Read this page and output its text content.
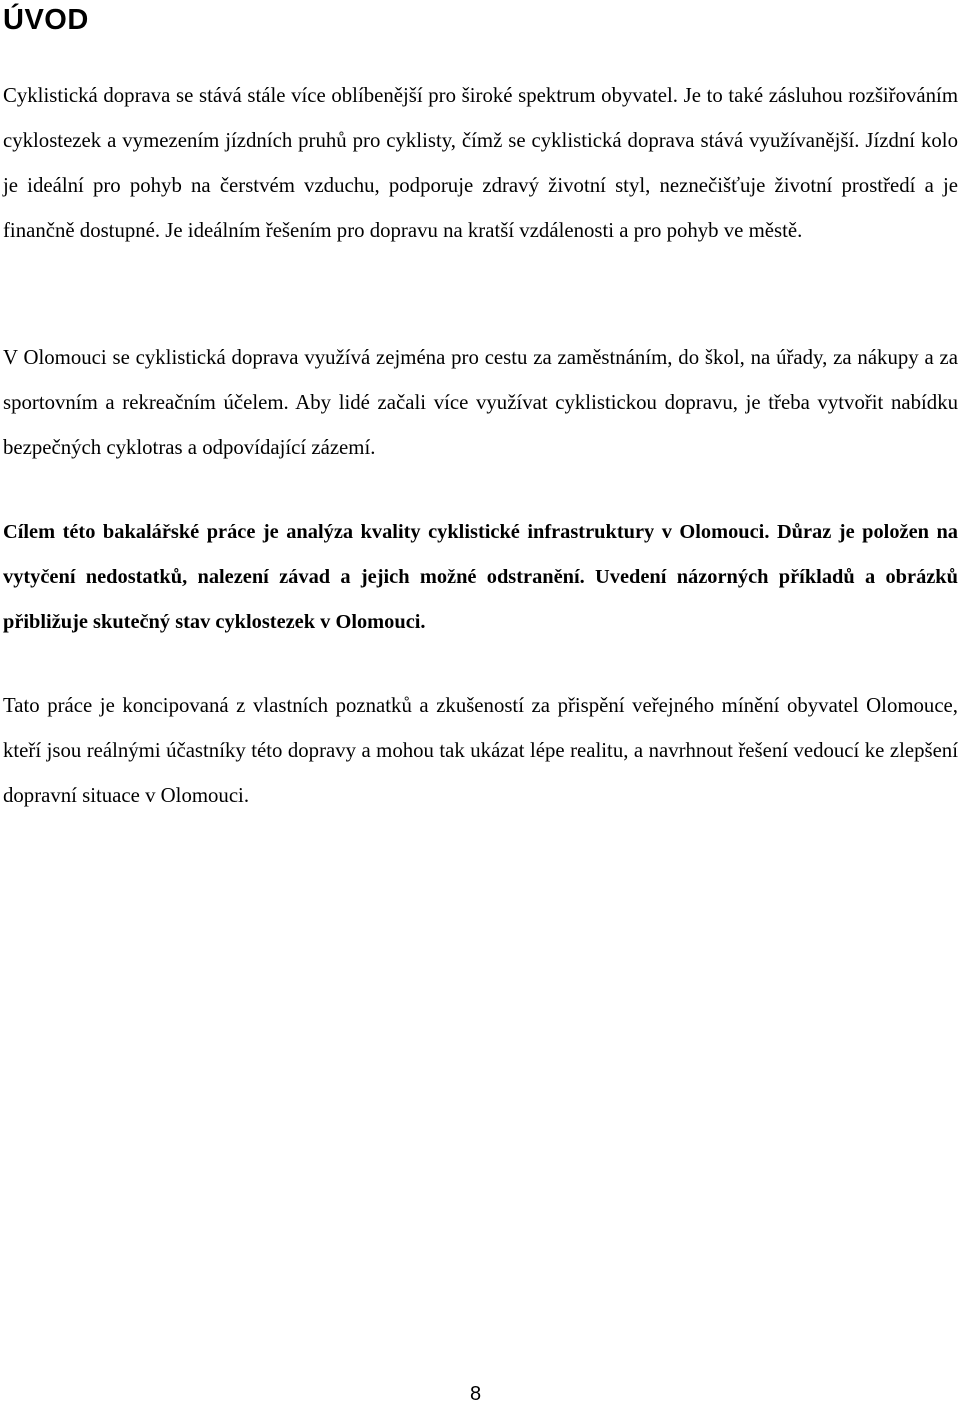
ÚVOD

Cyklistická doprava se stává stále více oblíbenější pro široké spektrum obyvatel. Je to také zásluhou rozšiřováním cyklostezek a vymezením jízdních pruhů pro cyklisty, čímž se cyklistická doprava stává využívanější. Jízdní kolo je ideální pro pohyb na čerstvém vzduchu, podporuje zdravý životní styl, neznečišťuje životní prostředí a je finančně dostupné. Je ideálním řešením pro dopravu na kratší vzdálenosti a pro pohyb ve městě.

V Olomouci se cyklistická doprava využívá zejména pro cestu za zaměstnáním, do škol, na úřady, za nákupy a za sportovním a rekreačním účelem. Aby lidé začali více využívat cyklistickou dopravu, je třeba vytvořit nabídku bezpečných cyklotras a odpovídající zázemí.

Cílem této bakalářské práce je analýza kvality cyklistické infrastruktury v Olomouci. Důraz je položen na vytyčení nedostatků, nalezení závad a jejich možné odstranění. Uvedení názorných příkladů a obrázků přibližuje skutečný stav cyklostezek v Olomouci.

Tato práce je koncipovaná z vlastních poznatků a zkušeností za přispění veřejného mínění obyvatel Olomouce, kteří jsou reálnými účastníky této dopravy a mohou tak ukázat lépe realitu, a navrhnout řešení vedoucí ke zlepšení dopravní situace v Olomouci.

8
